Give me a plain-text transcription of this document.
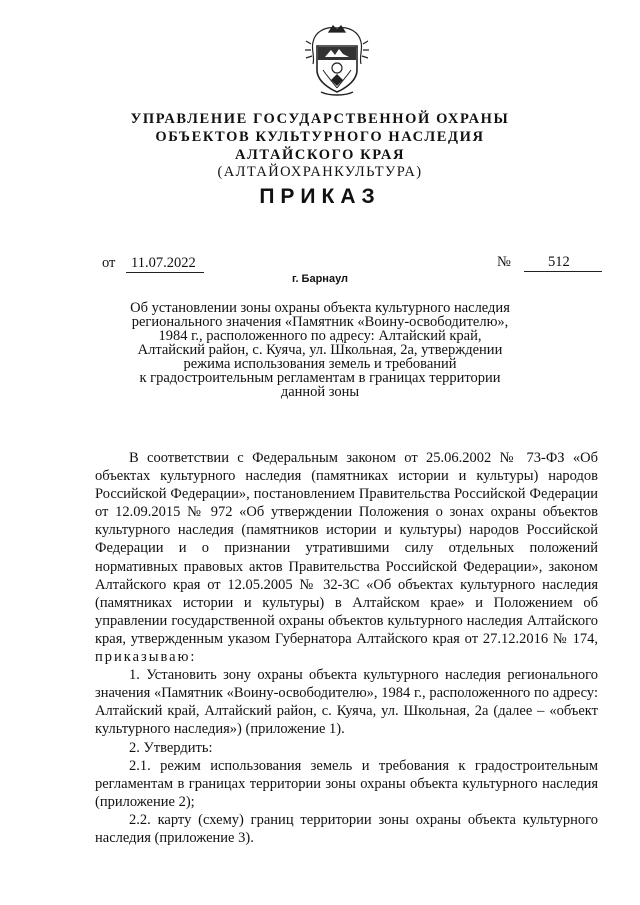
УПРАВЛЕНИЕ ГОСУДАРСТВЕННОЙ ОХРАНЫ
ОБЪЕКТОВ КУЛЬТУРНОГО НАСЛЕДИЯ
АЛТАЙСКОГО КРАЯ
(АЛТАЙОХРАНКУЛЬТУРА)
ПРИКАЗ
от 11.07.2022	№	512
г. Барнаул
Об установлении зоны охраны объекта культурного наследия
регионального значения «Памятник «Воину-освободителю»,
1984 г., расположенного по адресу: Алтайский край,
Алтайский район, с. Куяча, ул. Школьная, 2а, утверждении
режима использования земель и требований
к градостроительным регламентам в границах территории
данной зоны

В соответствии с Федеральным законом от 25.06.2002 № 73-ФЗ «Об объектах культурного наследия (памятниках истории и культуры) народов Российской Федерации», постановлением Правительства Российской Федерации от 12.09.2015 № 972 «Об утверждении Положения о зонах охраны объектов культурного наследия (памятников истории и культуры) народов Российской Федерации и о признании утратившими силу отдельных положений нормативных правовых актов Правительства Российской Федерации», законом Алтайского края от 12.05.2005 № 32-ЗС «Об объектах культурного наследия (памятниках истории и культуры) в Алтайском крае» и Положением об управлении государственной охраны объектов культурного наследия Алтайского края, утвержденным указом Губернатора Алтайского края от 27.12.2016 № 174, приказываю:

1. Установить зону охраны объекта культурного наследия регионального значения «Памятник «Воину-освободителю», 1984 г., расположенного по адресу: Алтайский край, Алтайский район, с. Куяча, ул. Школьная, 2а (далее – «объект культурного наследия») (приложение 1).

2. Утвердить:

2.1. режим использования земель и требования к градостроительным регламентам в границах территории зоны охраны объекта культурного наследия (приложение 2);

2.2. карту (схему) границ территории зоны охраны объекта культурного наследия (приложение 3).
